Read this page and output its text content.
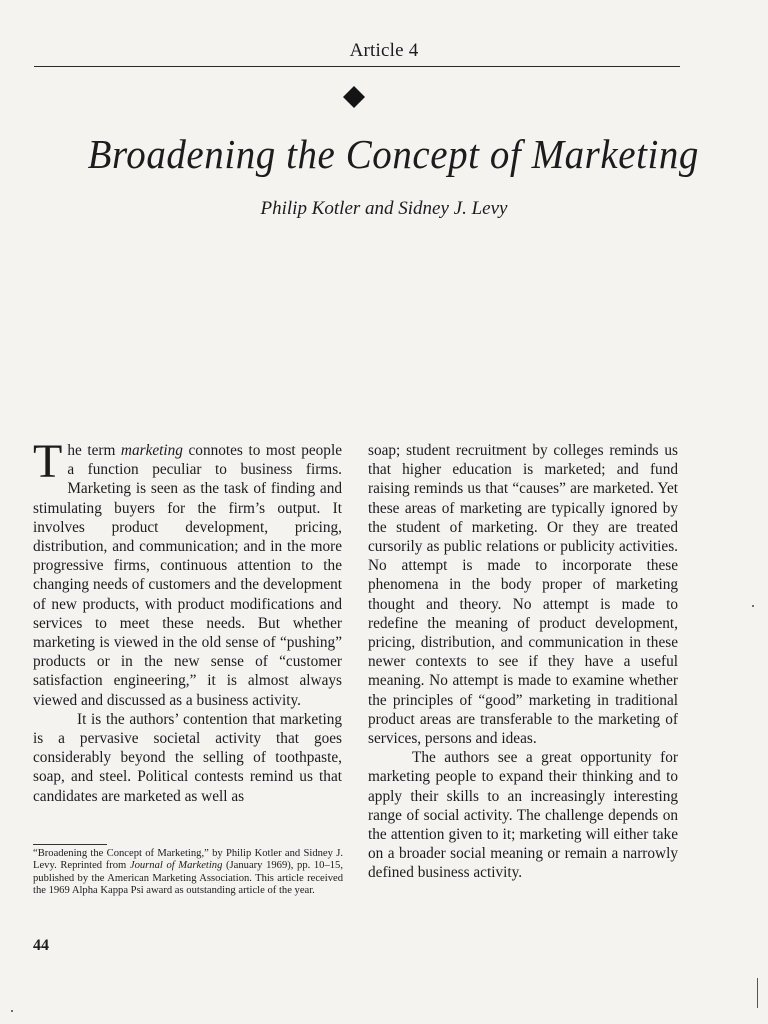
Article 4
Broadening the Concept of Marketing
Philip Kotler and Sidney J. Levy

The term marketing connotes to most people a function peculiar to business firms. Marketing is seen as the task of finding and stimulating buyers for the firm’s output. It involves product development, pricing, distribution, and communication; and in the more progressive firms, continuous attention to the changing needs of customers and the development of new products, with product modifications and services to meet these needs. But whether marketing is viewed in the old sense of “pushing” products or in the new sense of “customer satisfaction engineering,” it is almost always viewed and discussed as a business activity.

It is the authors’ contention that marketing is a pervasive societal activity that goes considerably beyond the selling of toothpaste, soap, and steel. Political contests remind us that candidates are marketed as well as

soap; student recruitment by colleges reminds us that higher education is marketed; and fund raising reminds us that “causes” are marketed. Yet these areas of marketing are typically ignored by the student of marketing. Or they are treated cursorily as public relations or publicity activities. No attempt is made to incorporate these phenomena in the body proper of marketing thought and theory. No attempt is made to redefine the meaning of product development, pricing, distribution, and communication in these newer contexts to see if they have a useful meaning. No attempt is made to examine whether the principles of “good” marketing in traditional product areas are transferable to the marketing of services, persons and ideas.

The authors see a great opportunity for marketing people to expand their thinking and to apply their skills to an increasingly interesting range of social activity. The challenge depends on the attention given to it; marketing will either take on a broader social meaning or remain a narrowly defined business activity.

“Broadening the Concept of Marketing,” by Philip Kotler and Sidney J. Levy. Reprinted from Journal of Marketing (January 1969), pp. 10–15, published by the American Marketing Association. This article received the 1969 Alpha Kappa Psi award as outstanding article of the year.
44
